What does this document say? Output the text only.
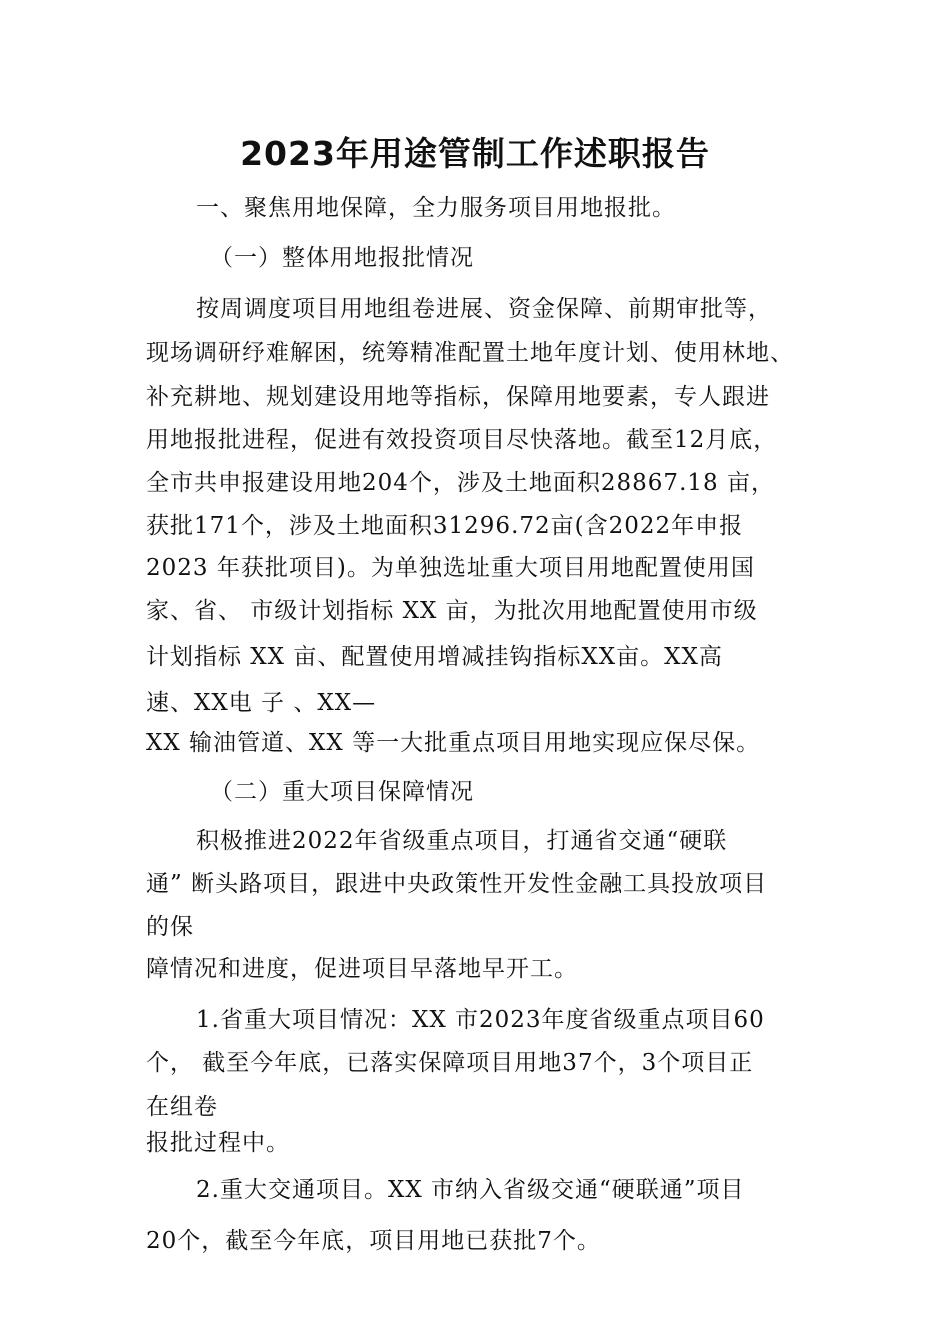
2023年用途管制工作述职报告
一、聚焦用地保障，全力服务项目用地报批。
（一）整体用地报批情况
按周调度项目用地组卷进展、资金保障、前期审批等，
现场调研纾难解困，统筹精准配置土地年度计划、使用林地、
补充耕地、规划建设用地等指标，保障用地要素，专人跟进
用地报批进程，促进有效投资项目尽快落地。截至12月底，
全市共申报建设用地204个，涉及土地面积28867.18 亩，
获批171个，涉及土地面积31296.72亩(含2022年申报
2023 年获批项目)。为单独选址重大项目用地配置使用国
家、省、 市级计划指标 XX 亩，为批次用地配置使用市级
计划指标 XX 亩、配置使用增减挂钩指标XX亩。XX高
速、XX电 子 、XX—
XX 输油管道、XX 等一大批重点项目用地实现应保尽保。
（二）重大项目保障情况
积极推进2022年省级重点项目，打通省交通“硬联
通” 断头路项目，跟进中央政策性开发性金融工具投放项目
的保
障情况和进度，促进项目早落地早开工。
1.省重大项目情况：XX 市2023年度省级重点项目60
个， 截至今年底，已落实保障项目用地37个，3个项目正
在组卷
报批过程中。
2.重大交通项目。XX 市纳入省级交通“硬联通”项目
20个，截至今年底，项目用地已获批7个。
